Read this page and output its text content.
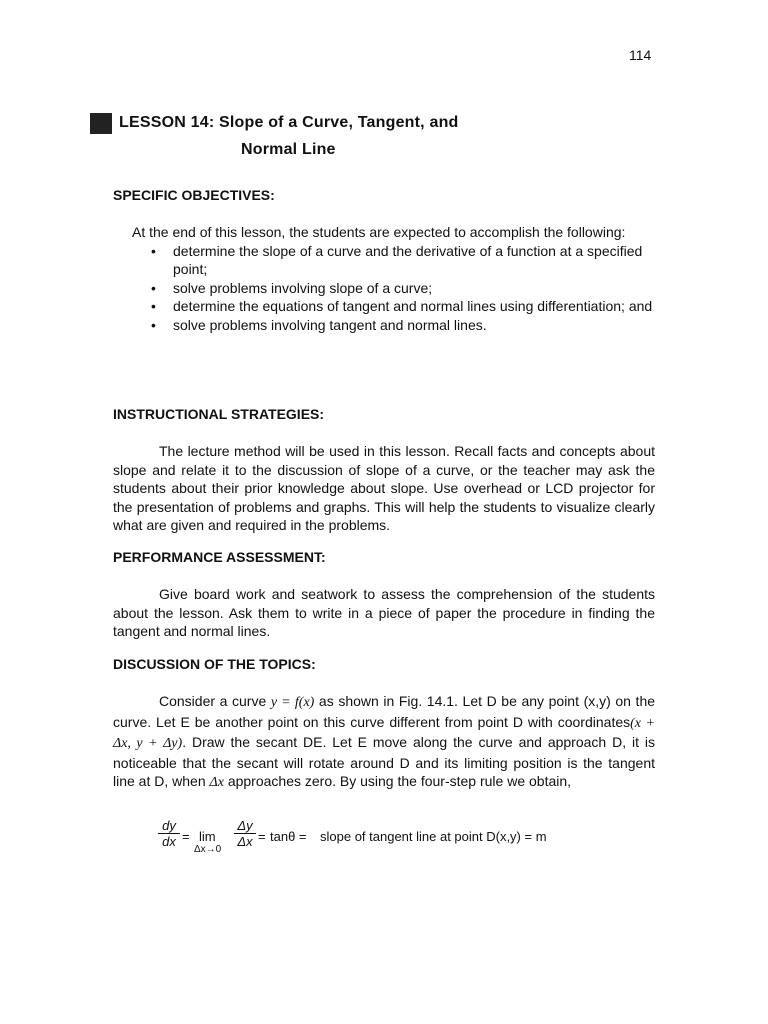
114
LESSON 14: Slope of a Curve, Tangent, and
Normal Line
SPECIFIC OBJECTIVES:
At the end of this lesson, the students are expected to accomplish the following:
• determine the slope of a curve and the derivative of a function at a specified point;
• solve problems involving slope of a curve;
• determine the equations of tangent and normal lines using differentiation; and
• solve problems involving tangent and normal lines.
INSTRUCTIONAL STRATEGIES:
The lecture method will be used in this lesson. Recall facts and concepts about slope and relate it to the discussion of slope of a curve, or the teacher may ask the students about their prior knowledge about slope. Use overhead or LCD projector for the presentation of problems and graphs. This will help the students to visualize clearly what are given and required in the problems.
PERFORMANCE ASSESSMENT:
Give board work and seatwork to assess the comprehension of the students about the lesson. Ask them to write in a piece of paper the procedure in finding the tangent and normal lines.
DISCUSSION OF THE TOPICS:
Consider a curve y = f(x) as shown in Fig. 14.1. Let D be any point (x,y) on the curve. Let E be another point on this curve different from point D with coordinates(x + Δx, y + Δy). Draw the secant DE. Let E move along the curve and approach D, it is noticeable that the secant will rotate around D and its limiting position is the tangent line at D, when Δx approaches zero. By using the four-step rule we obtain,
$\frac{dy}{dx} = \lim$
Δx→0
$\frac{\Delta y}{\Delta x} = \tan\theta$ = slope of tangent line at point D(x,y) = m
